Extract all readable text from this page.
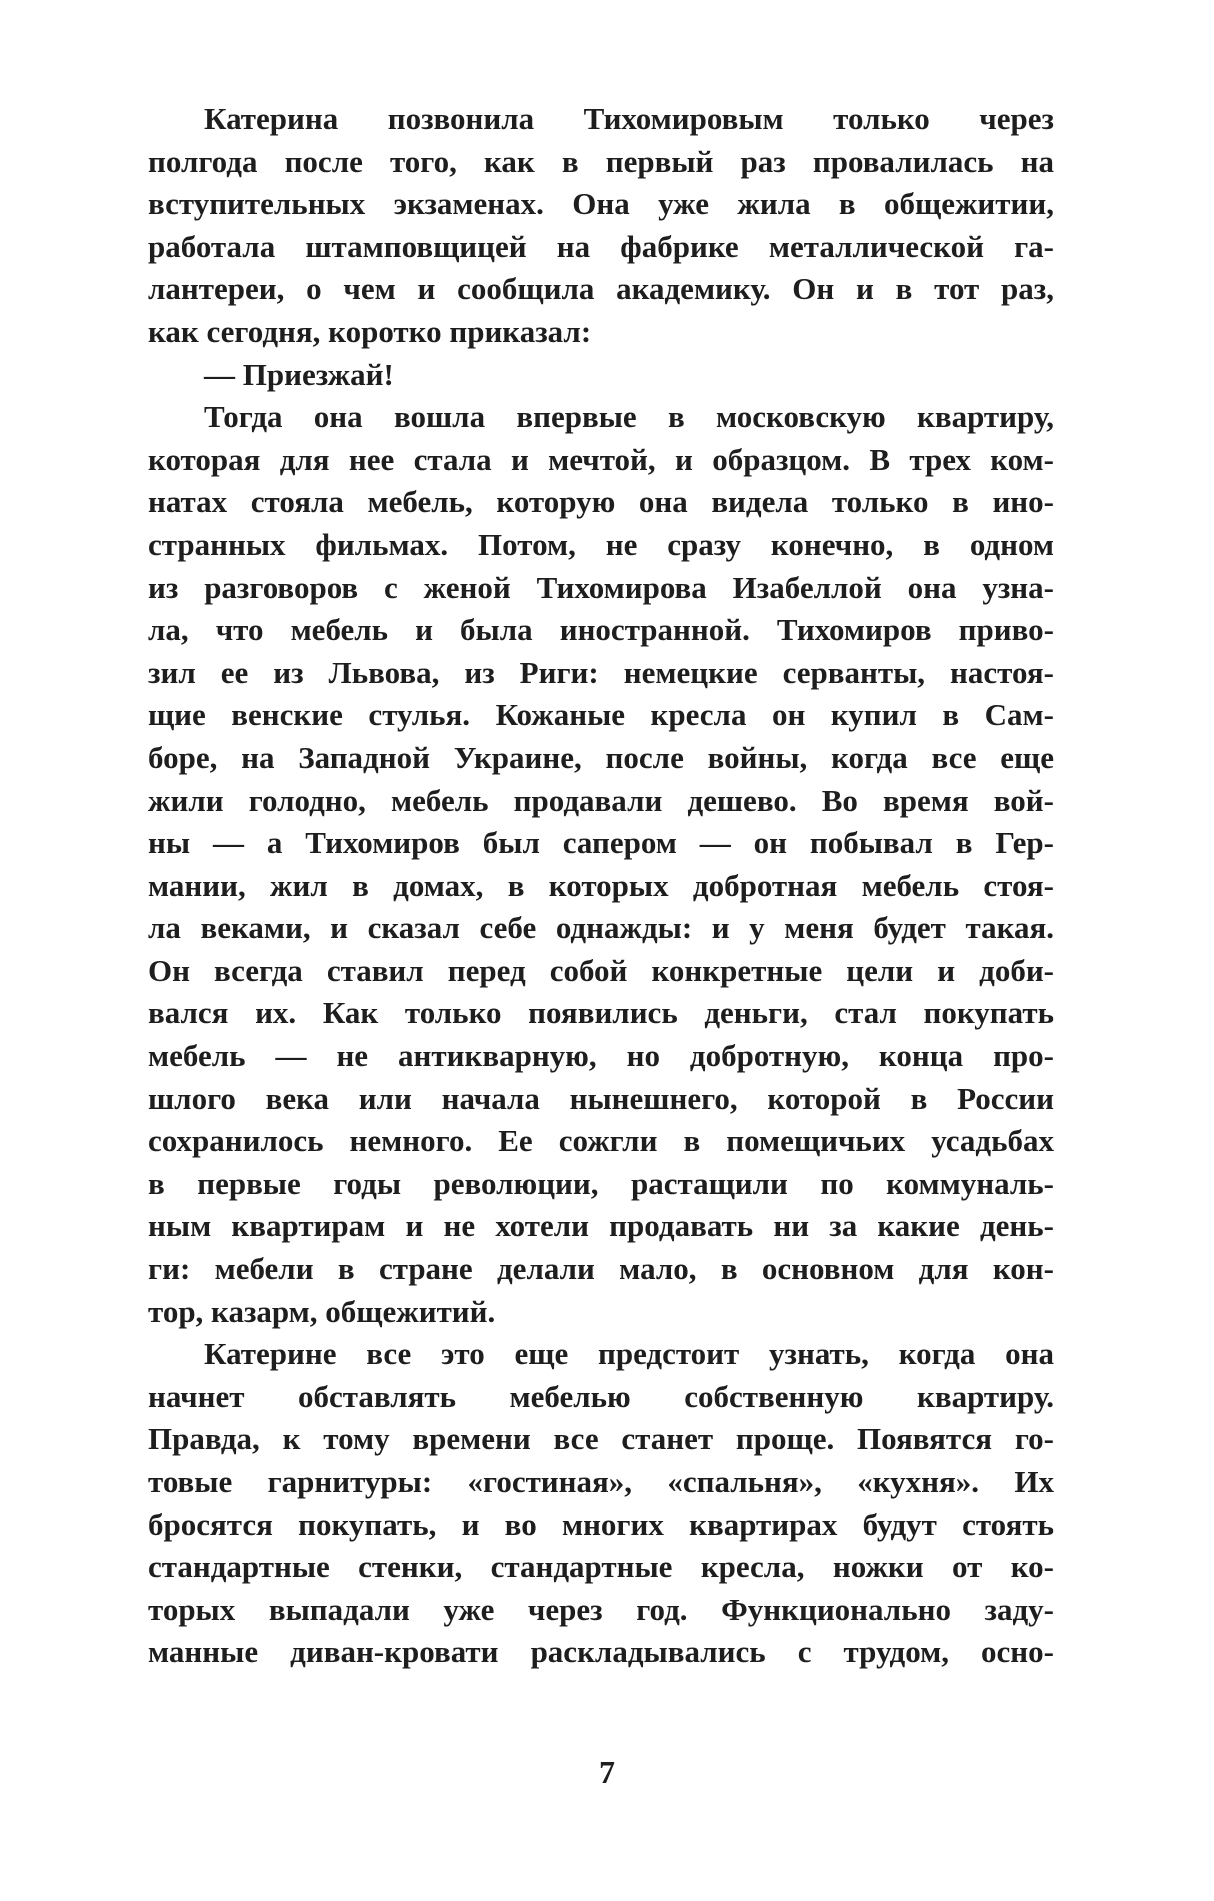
Катерина позвонила Тихомировым только через
полгода после того, как в первый раз провалилась на
вступительных экзаменах. Она уже жила в общежитии,
работала штамповщицей на фабрике металлической га-
лантереи, о чем и сообщила академику. Он и в тот раз,
как сегодня, коротко приказал:
— Приезжай!
Тогда она вошла впервые в московскую квартиру,
которая для нее стала и мечтой, и образцом. В трех ком-
натах стояла мебель, которую она видела только в ино-
странных фильмах. Потом, не сразу конечно, в одном
из разговоров с женой Тихомирова Изабеллой она узна-
ла, что мебель и была иностранной. Тихомиров приво-
зил ее из Львова, из Риги: немецкие серванты, настоя-
щие венские стулья. Кожаные кресла он купил в Сам-
боре, на Западной Украине, после войны, когда все еще
жили голодно, мебель продавали дешево. Во время вой-
ны — а Тихомиров был сапером — он побывал в Гер-
мании, жил в домах, в которых добротная мебель стоя-
ла веками, и сказал себе однажды: и у меня будет такая.
Он всегда ставил перед собой конкретные цели и доби-
вался их. Как только появились деньги, стал покупать
мебель — не антикварную, но добротную, конца про-
шлого века или начала нынешнего, которой в России
сохранилось немного. Ее сожгли в помещичьих усадьбах
в первые годы революции, растащили по коммуналь-
ным квартирам и не хотели продавать ни за какие день-
ги: мебели в стране делали мало, в основном для кон-
тор, казарм, общежитий.
Катерине все это еще предстоит узнать, когда она
начнет обставлять мебелью собственную квартиру.
Правда, к тому времени все станет проще. Появятся го-
товые гарнитуры: «гостиная», «спальня», «кухня». Их
бросятся покупать, и во многих квартирах будут стоять
стандартные стенки, стандартные кресла, ножки от ко-
торых выпадали уже через год. Функционально заду-
манные диван-кровати раскладывались с трудом, осно-
7
